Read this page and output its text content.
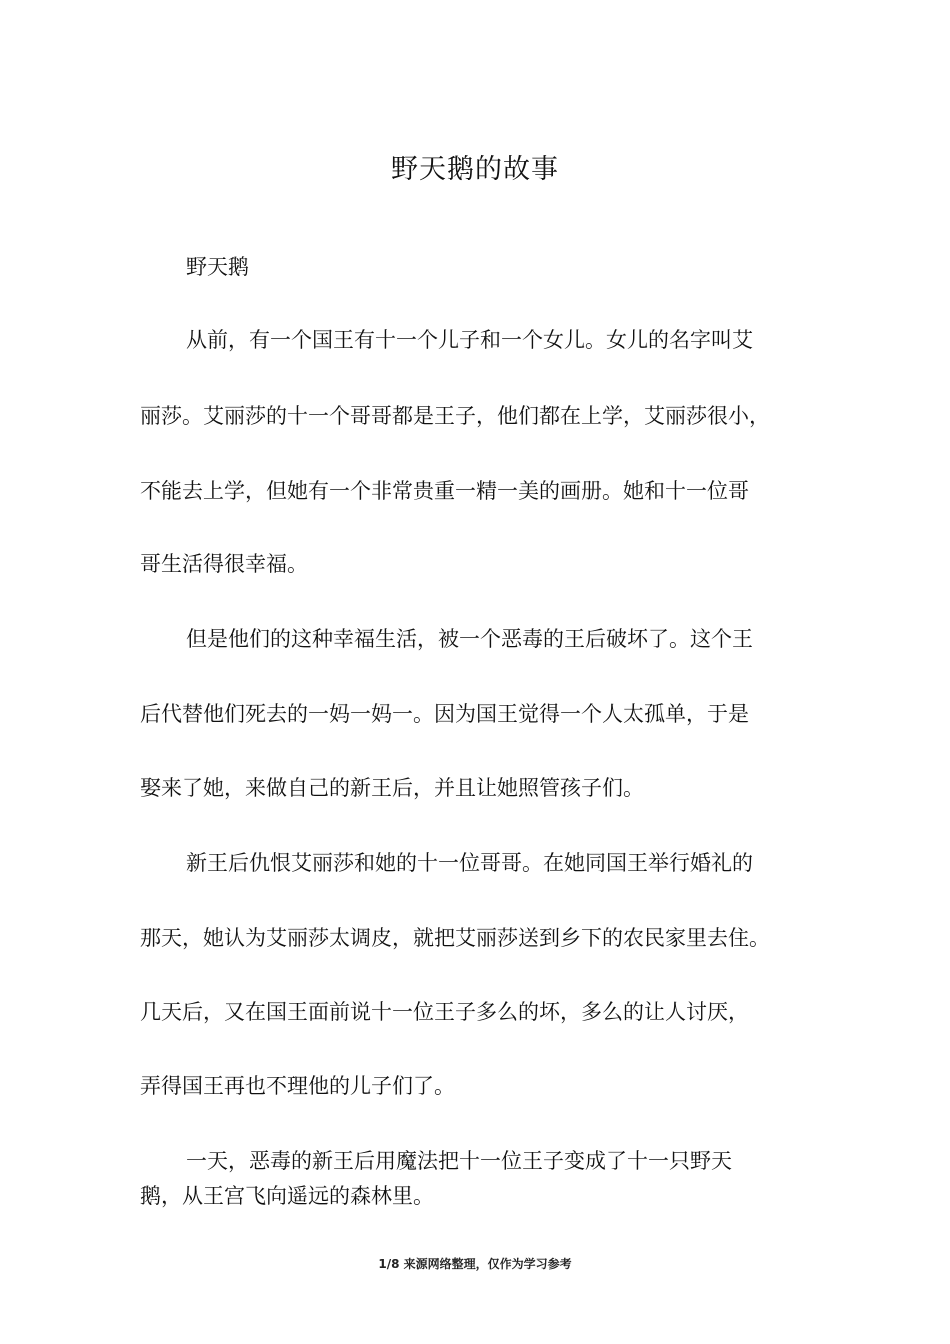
野天鹅的故事
野天鹅
从前，有一个国王有十一个儿子和一个女儿。女儿的名字叫艾
丽莎。艾丽莎的十一个哥哥都是王子，他们都在上学，艾丽莎很小，
不能去上学，但她有一个非常贵重一精一美的画册。她和十一位哥
哥生活得很幸福。
但是他们的这种幸福生活，被一个恶毒的王后破坏了。这个王
后代替他们死去的一妈一妈一。因为国王觉得一个人太孤单，于是
娶来了她，来做自己的新王后，并且让她照管孩子们。
新王后仇恨艾丽莎和她的十一位哥哥。在她同国王举行婚礼的
那天，她认为艾丽莎太调皮，就把艾丽莎送到乡下的农民家里去住。
几天后，又在国王面前说十一位王子多么的坏，多么的让人讨厌，
弄得国王再也不理他的儿子们了。
一天，恶毒的新王后用魔法把十一位王子变成了十一只野天
鹅，从王宫飞向遥远的森林里。
1/8 来源网络整理，仅作为学习参考
